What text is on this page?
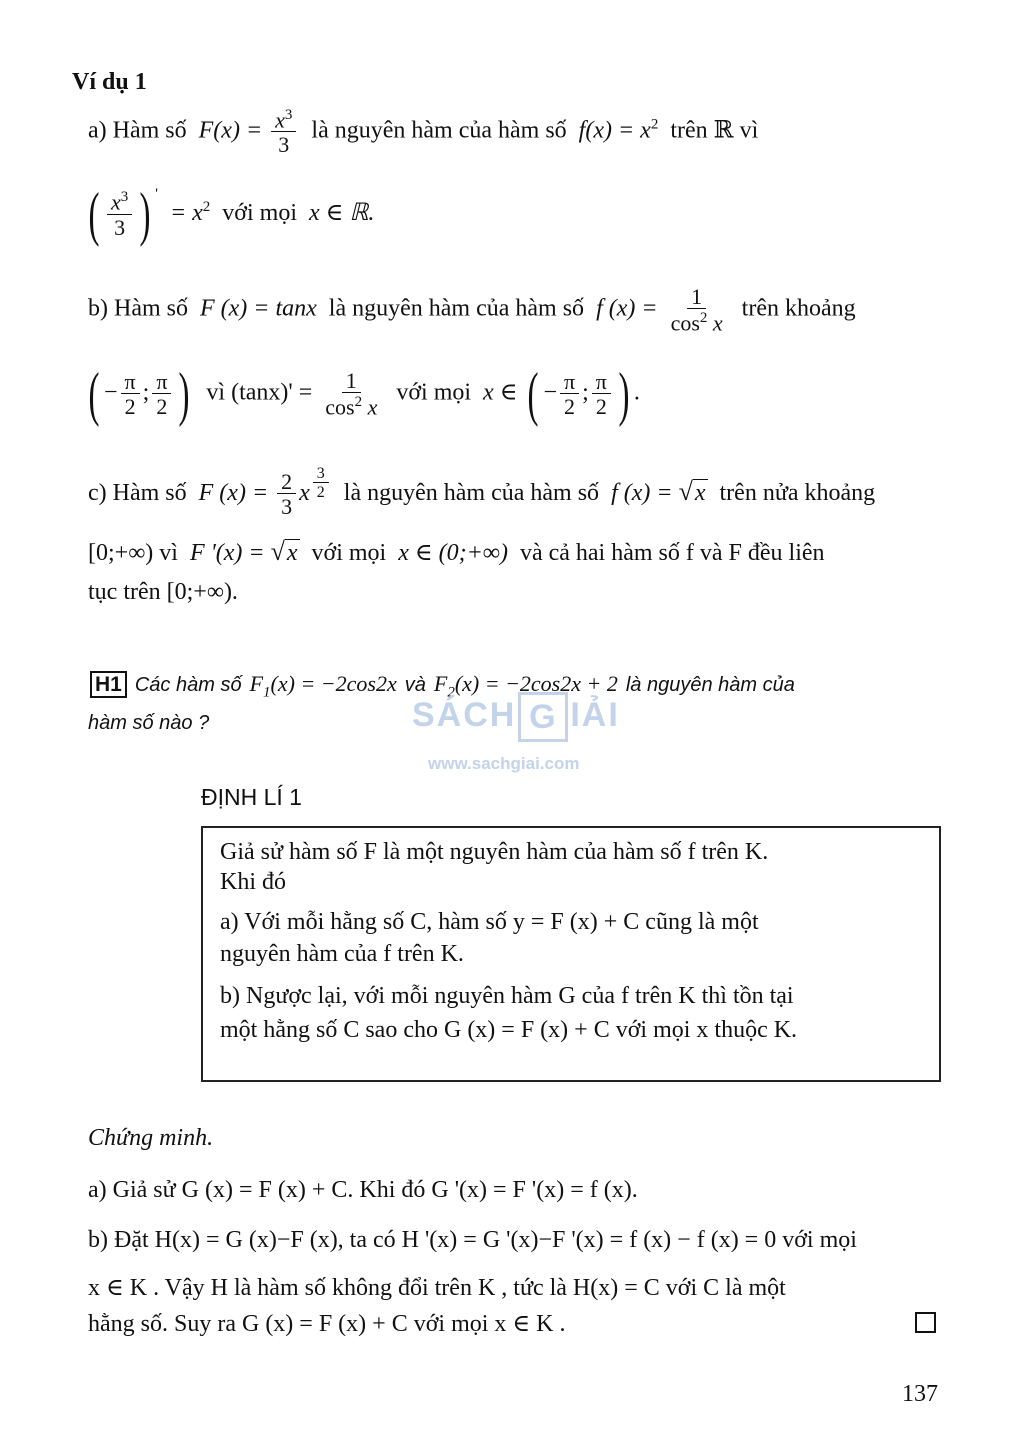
Ví dụ 1
a) Hàm số $F(x) = \frac{x^3}{3}$ là nguyên hàm của hàm số $f(x) = x^2$ trên ℝ vì
( $\frac{x^3}{3}$ ) $' = x^2$ với mọi x ∈ ℝ.
b) Hàm số F (x) = tanx là nguyên hàm của hàm số f $(x) = \frac{1}{\cos^2 x}$ trên khoảng
( − $\frac{\pi}{2}$ ; $\frac{\pi}{2}$ ) vì $(\tan x)' = \frac{1}{\cos^2 x}$ với mọi x ∈ ( − $\frac{\pi}{2}$ ; $\frac{\pi}{2}$ ) .
c) Hàm số F $(x) = \frac{2}{3}$ x $\frac{3}{2}$ là nguyên hàm của hàm số f (x) = √x trên nửa khoảng
[0;+∞) vì F '(x) = √x với mọi x ∈ (0;+∞) và cả hai hàm số f và F đều liên
tục trên [0;+∞).
H1 Các hàm số $F_1(x) = -2\cos 2x$ và $F_2(x) = -2\cos 2x + 2$ là nguyên hàm của
hàm số nào ?	SÁCH G IẢI
www.sachgiai.com
ĐỊNH LÍ 1
Giả sử hàm số F là một nguyên hàm của hàm số f trên K.
Khi đó
a) Với mỗi hằng số C, hàm số y = F (x) + C cũng là một
nguyên hàm của f trên K.
b) Ngược lại, với mỗi nguyên hàm G của f trên K thì tồn tại
một hằng số C sao cho G (x) = F (x) + C với mọi x thuộc K.
Chứng minh.
a) Giả sử G (x) = F (x) + C. Khi đó G '(x) = F '(x) = f (x).
b) Đặt H(x) = G (x)−F (x), ta có H '(x) = G '(x)−F '(x) = f (x) − f (x) = 0 với mọi
x ∈ K . Vậy H là hàm số không đổi trên K , tức là H(x) = C với C là một
hằng số. Suy ra G (x) = F (x) + C với mọi x ∈ K .
137
